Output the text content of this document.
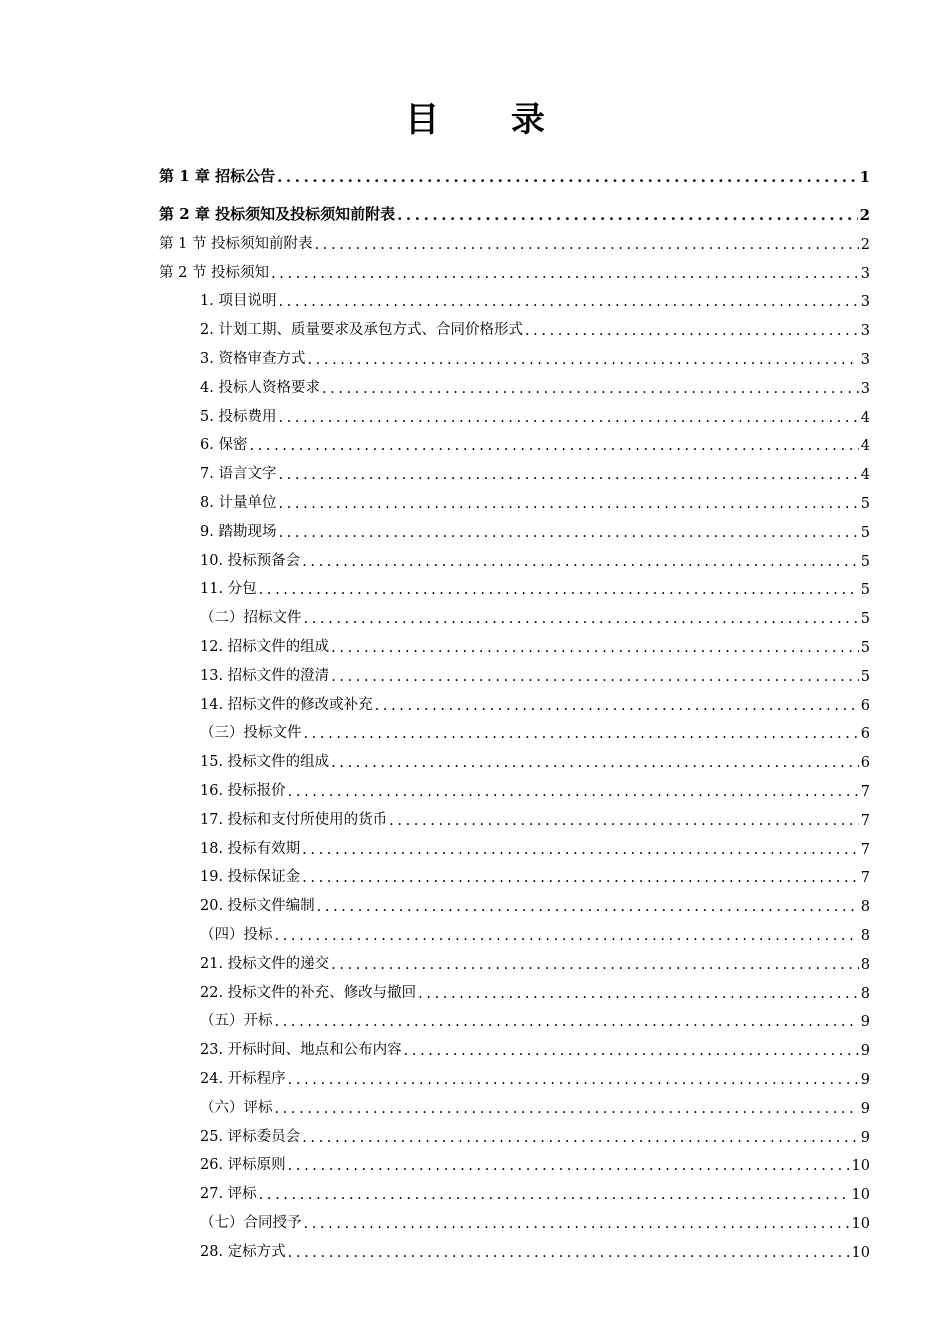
目 录
第 1 章 招标公告 .....	1
第 2 章 投标须知及投标须知前附表 .....	2
第 1 节 投标须知前附表 .....	2
第 2 节 投标须知 .....	3
1. 项目说明 .....	3
2. 计划工期、质量要求及承包方式、合同价格形式 .....	3
3. 资格审查方式 .....	3
4. 投标人资格要求 .....	3
5. 投标费用 .....	4
6. 保密 .....	4
7. 语言文字 .....	4
8. 计量单位 .....	5
9. 踏勘现场 .....	5
10. 投标预备会 .....	5
11. 分包 .....	5
（二）招标文件 .....	5
12. 招标文件的组成 .....	5
13. 招标文件的澄清 .....	5
14. 招标文件的修改或补充 .....	6
（三）投标文件 .....	6
15. 投标文件的组成 .....	6
16. 投标报价 .....	7
17. 投标和支付所使用的货币 .....	7
18. 投标有效期 .....	7
19. 投标保证金 .....	7
20. 投标文件编制 .....	8
（四）投标 .....	8
21. 投标文件的递交 .....	8
22. 投标文件的补充、修改与撤回 .....	8
（五）开标 .....	9
23. 开标时间、地点和公布内容 .....	9
24. 开标程序 .....	9
（六）评标 .....	9
25. 评标委员会 .....	9
26. 评标原则 .....	10
27. 评标 .....	10
（七）合同授予 .....	10
28. 定标方式 .....	10
